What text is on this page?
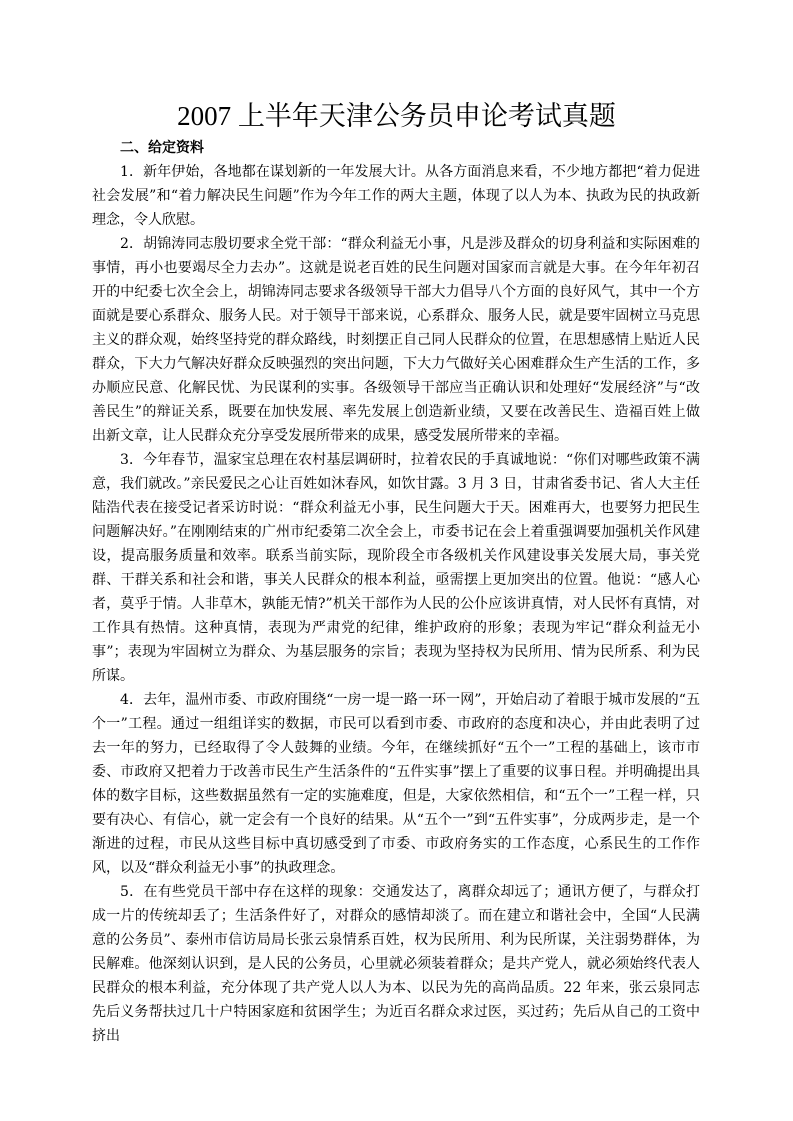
2007 上半年天津公务员申论考试真题

二、给定资料

1．新年伊始，各地都在谋划新的一年发展大计。从各方面消息来看，不少地方都把“着力促进社会发展”和“着力解决民生问题”作为今年工作的两大主题，体现了以人为本、执政为民的执政新理念，令人欣慰。

2．胡锦涛同志殷切要求全党干部：“群众利益无小事，凡是涉及群众的切身利益和实际困难的事情，再小也要竭尽全力去办”。这就是说老百姓的民生问题对国家而言就是大事。在今年年初召开的中纪委七次全会上，胡锦涛同志要求各级领导干部大力倡导八个方面的良好风气，其中一个方面就是要心系群众、服务人民。对于领导干部来说，心系群众、服务人民，就是要牢固树立马克思主义的群众观，始终坚持党的群众路线，时刻摆正自己同人民群众的位置，在思想感情上贴近人民群众，下大力气解决好群众反映强烈的突出问题，下大力气做好关心困难群众生产生活的工作，多办顺应民意、化解民忧、为民谋利的实事。各级领导干部应当正确认识和处理好“发展经济”与“改善民生”的辩证关系，既要在加快发展、率先发展上创造新业绩，又要在改善民生、造福百姓上做出新文章，让人民群众充分享受发展所带来的成果，感受发展所带来的幸福。

3．今年春节，温家宝总理在农村基层调研时，拉着农民的手真诚地说：“你们对哪些政策不满意，我们就改。”亲民爱民之心让百姓如沐春风，如饮甘露。3 月 3 日，甘肃省委书记、省人大主任陆浩代表在接受记者采访时说：“群众利益无小事，民生问题大于天。困难再大，也要努力把民生问题解决好。”在刚刚结束的广州市纪委第二次全会上，市委书记在会上着重强调要加强机关作风建设，提高服务质量和效率。联系当前实际，现阶段全市各级机关作风建设事关发展大局，事关党群、干群关系和社会和谐，事关人民群众的根本利益，亟需摆上更加突出的位置。他说：“感人心者，莫乎于情。人非草木，孰能无情?”机关干部作为人民的公仆应该讲真情，对人民怀有真情，对工作具有热情。这种真情，表现为严肃党的纪律，维护政府的形象；表现为牢记“群众利益无小事”；表现为牢固树立为群众、为基层服务的宗旨；表现为坚持权为民所用、情为民所系、利为民所谋。

4．去年，温州市委、市政府围绕“一房一堤一路一环一网”，开始启动了着眼于城市发展的“五个一”工程。通过一组组详实的数据，市民可以看到市委、市政府的态度和决心，并由此表明了过去一年的努力，已经取得了令人鼓舞的业绩。今年，在继续抓好“五个一”工程的基础上，该市市委、市政府又把着力于改善市民生产生活条件的“五件实事”摆上了重要的议事日程。并明确提出具体的数字目标，这些数据虽然有一定的实施难度，但是，大家依然相信，和“五个一”工程一样，只要有决心、有信心，就一定会有一个良好的结果。从“五个一”到“五件实事”，分成两步走，是一个渐进的过程，市民从这些目标中真切感受到了市委、市政府务实的工作态度，心系民生的工作作风，以及“群众利益无小事”的执政理念。

5．在有些党员干部中存在这样的现象：交通发达了，离群众却远了；通讯方便了，与群众打成一片的传统却丢了；生活条件好了，对群众的感情却淡了。而在建立和谐社会中，全国“人民满意的公务员”、泰州市信访局局长张云泉情系百姓，权为民所用、利为民所谋，关注弱势群体，为民解难。他深刻认识到，是人民的公务员，心里就必须装着群众；是共产党人，就必须始终代表人民群众的根本利益，充分体现了共产党人以人为本、以民为先的高尚品质。22 年来，张云泉同志先后义务帮扶过几十户特困家庭和贫困学生；为近百名群众求过医，买过药；先后从自己的工资中挤出
